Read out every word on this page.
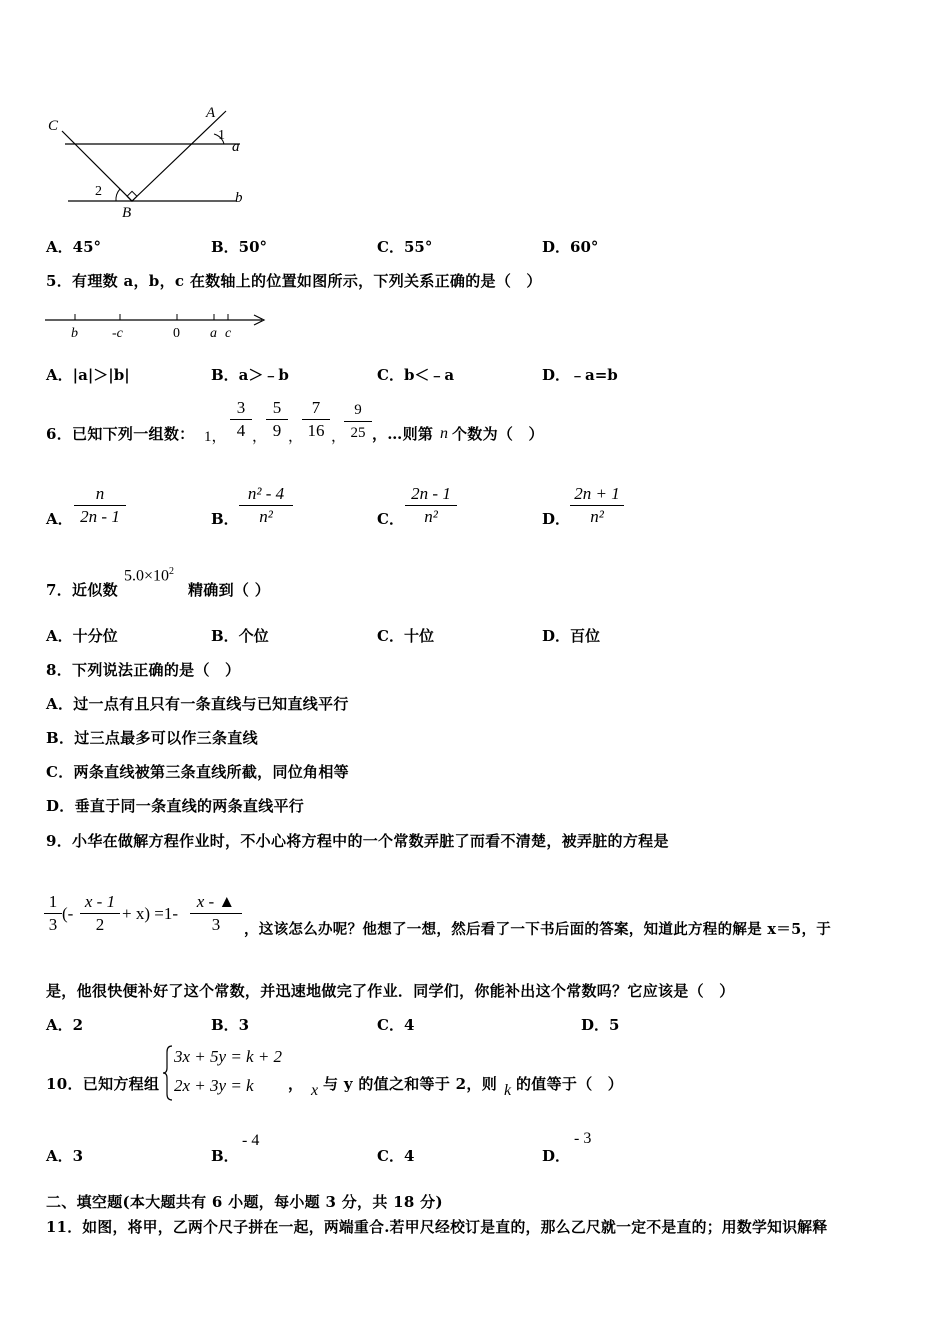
C
A
1
a
2
B
b
A．45°	B．50°	C．55°	D．60°
5．有理数 a，b，c 在数轴上的位置如图所示，下列关系正确的是（　）
b -c	0 a c
A．|a|＞|b|	B．a＞﹣b	C．b＜﹣a	D．﹣a=b
6．已知下列一组数： 1，
3
4 ，
5
9 ，
7
16 ，
9
25 ，…则第 n 个数为（　）
A．
n
2n - 1	B．
n² - 4
n²	C．
2n - 1
n²	D．
2n + 1
n²
7．近似数
$5.0\times 10^2$
精确到（ ）
A．十分位	B．个位	C．十位	D．百位
8．下列说法正确的是（　）
A．过一点有且只有一条直线与已知直线平行
B．过三点最多可以作三条直线
C．两条直线被第三条直线所截，同位角相等
D．垂直于同一条直线的两条直线平行
9．小华在做解方程作业时，不小心将方程中的一个常数弄脏了而看不清楚，被弄脏的方程是
1
3
(-
x - 1
2
+ x) =1-
x - ▲
3	，这该怎么办呢？他想了一想，然后看了一下书后面的答案，知道此方程的解是 x＝5，于
是，他很快便补好了这个常数，并迅速地做完了作业．同学们，你能补出这个常数吗？它应该是（　）
A．2	B．3	C．4	D．5
10．已知方程组
3x + 5y = k + 2
2x + 3y = k ， x 与 y 的值之和等于 2，则 k 的值等于（　）
A．3	B．
- 4
C．4	D．
- 3
二、填空题(本大题共有 6 小题，每小题 3 分，共 18 分)
11．如图，将甲，乙两个尺子拼在一起，两端重合.若甲尺经校订是直的，那么乙尺就一定不是直的；用数学知识解释
